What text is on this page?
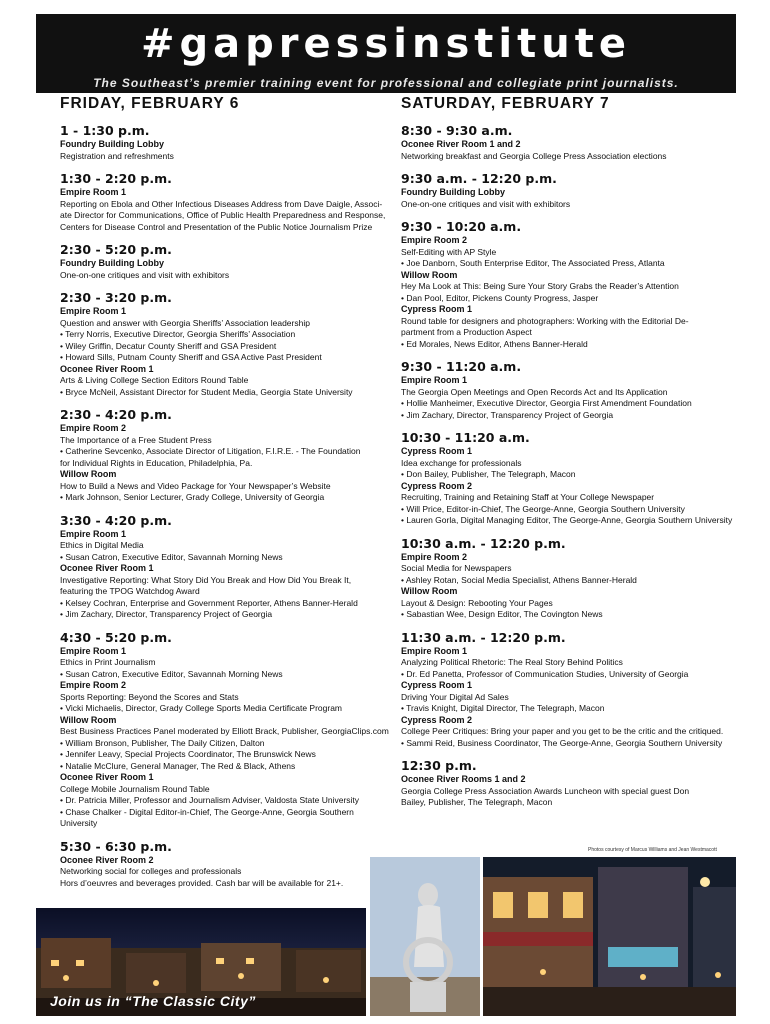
#gapressinstitute
The Southeast’s premier training event for professional and collegiate print journalists.
FRIDAY, FEBRUARY 6
1 - 1:30 p.m.
Foundry Building Lobby
Registration and refreshments
1:30 - 2:20 p.m.
Empire Room 1
Reporting on Ebola and Other Infectious Diseases Address from Dave Daigle, Associ-
ate Director for Communications, Office of Public Health Preparedness and Response,
Centers for Disease Control and Presentation of the Public Notice Journalism Prize
2:30 - 5:20 p.m.
Foundry Building Lobby
One-on-one critiques and visit with exhibitors
2:30 - 3:20 p.m.
Empire Room 1
Question and answer with Georgia Sheriffs’ Association leadership
• Terry Norris, Executive Director, Georgia Sheriffs’ Association
• Wiley Griffin, Decatur County Sheriff and GSA President
• Howard Sills, Putnam County Sheriff and GSA Active Past President
Oconee River Room 1
Arts & Living College Section Editors Round Table
• Bryce McNeil, Assistant Director for Student Media, Georgia State University
2:30 - 4:20 p.m.
Empire Room 2
The Importance of a Free Student Press
• Catherine Sevcenko, Associate Director of Litigation, F.I.R.E. - The Foundation
for Individual Rights in Education, Philadelphia, Pa.
Willow Room
How to Build a News and Video Package for Your Newspaper’s Website
• Mark Johnson, Senior Lecturer, Grady College, University of Georgia
3:30 - 4:20 p.m.
Empire Room 1
Ethics in Digital Media
• Susan Catron, Executive Editor, Savannah Morning News
Oconee River Room 1
Investigative Reporting: What Story Did You Break and How Did You Break It,
featuring the TPOG Watchdog Award
• Kelsey Cochran, Enterprise and Government Reporter, Athens Banner-Herald
• Jim Zachary, Director, Transparency Project of Georgia
4:30 - 5:20 p.m.
Empire Room 1
Ethics in Print Journalism
• Susan Catron, Executive Editor, Savannah Morning News
Empire Room 2
Sports Reporting: Beyond the Scores and Stats
• Vicki Michaelis, Director, Grady College Sports Media Certificate Program
Willow Room
Best Business Practices Panel moderated by Elliott Brack, Publisher, GeorgiaClips.com
• William Bronson, Publisher, The Daily Citizen, Dalton
• Jennifer Leavy, Special Projects Coordinator, The Brunswick News
• Natalie McClure, General Manager, The Red & Black, Athens
Oconee River Room 1
College Mobile Journalism Round Table
• Dr. Patricia Miller, Professor and Journalism Adviser, Valdosta State University
• Chase Chalker - Digital Editor-in-Chief, The George-Anne, Georgia Southern University
5:30 - 6:30 p.m.
Oconee River Room 2
Networking social for colleges and professionals
Hors d’oeuvres and beverages provided. Cash bar will be available for 21+.
SATURDAY, FEBRUARY 7
8:30 - 9:30 a.m.
Oconee River Room 1 and 2
Networking breakfast and Georgia College Press Association elections
9:30 a.m. - 12:20 p.m.
Foundry Building Lobby
One-on-one critiques and visit with exhibitors
9:30 - 10:20 a.m.
Empire Room 2
Self-Editing with AP Style
• Joe Danborn, South Enterprise Editor, The Associated Press, Atlanta
Willow Room
Hey Ma Look at This: Being Sure Your Story Grabs the Reader’s Attention
• Dan Pool, Editor, Pickens County Progress, Jasper
Cypress Room 1
Round table for designers and photographers: Working with the Editorial De-
partment from a Production Aspect
• Ed Morales, News Editor, Athens Banner-Herald
9:30 - 11:20 a.m.
Empire Room 1
The Georgia Open Meetings and Open Records Act and Its Application
• Hollie Manheimer, Executive Director, Georgia First Amendment Foundation
• Jim Zachary, Director, Transparency Project of Georgia
10:30 - 11:20 a.m.
Cypress Room 1
Idea exchange for professionals
• Don Bailey, Publisher, The Telegraph, Macon
Cypress Room 2
Recruiting, Training and Retaining Staff at Your College Newspaper
• Will Price, Editor-in-Chief, The George-Anne, Georgia Southern University
• Lauren Gorla, Digital Managing Editor, The George-Anne, Georgia Southern University
10:30 a.m. - 12:20 p.m.
Empire Room 2
Social Media for Newspapers
• Ashley Rotan, Social Media Specialist, Athens Banner-Herald
Willow Room
Layout & Design: Rebooting Your Pages
• Sabastian Wee, Design Editor, The Covington News
11:30 a.m. - 12:20 p.m.
Empire Room 1
Analyzing Political Rhetoric: The Real Story Behind Politics
• Dr. Ed Panetta, Professor of Communication Studies, University of Georgia
Cypress Room 1
Driving Your Digital Ad Sales
• Travis Knight, Digital Director, The Telegraph, Macon
Cypress Room 2
College Peer Critiques: Bring your paper and you get to be the critic and the critiqued.
• Sammi Reid, Business Coordinator, The George-Anne, Georgia Southern University
12:30 p.m.
Oconee River Rooms 1 and 2
Georgia College Press Association Awards Luncheon with special guest Don
Bailey, Publisher, The Telegraph, Macon
Photos courtesy of Marcus Williams and Jean Westmacott
Join us in “The Classic City”
